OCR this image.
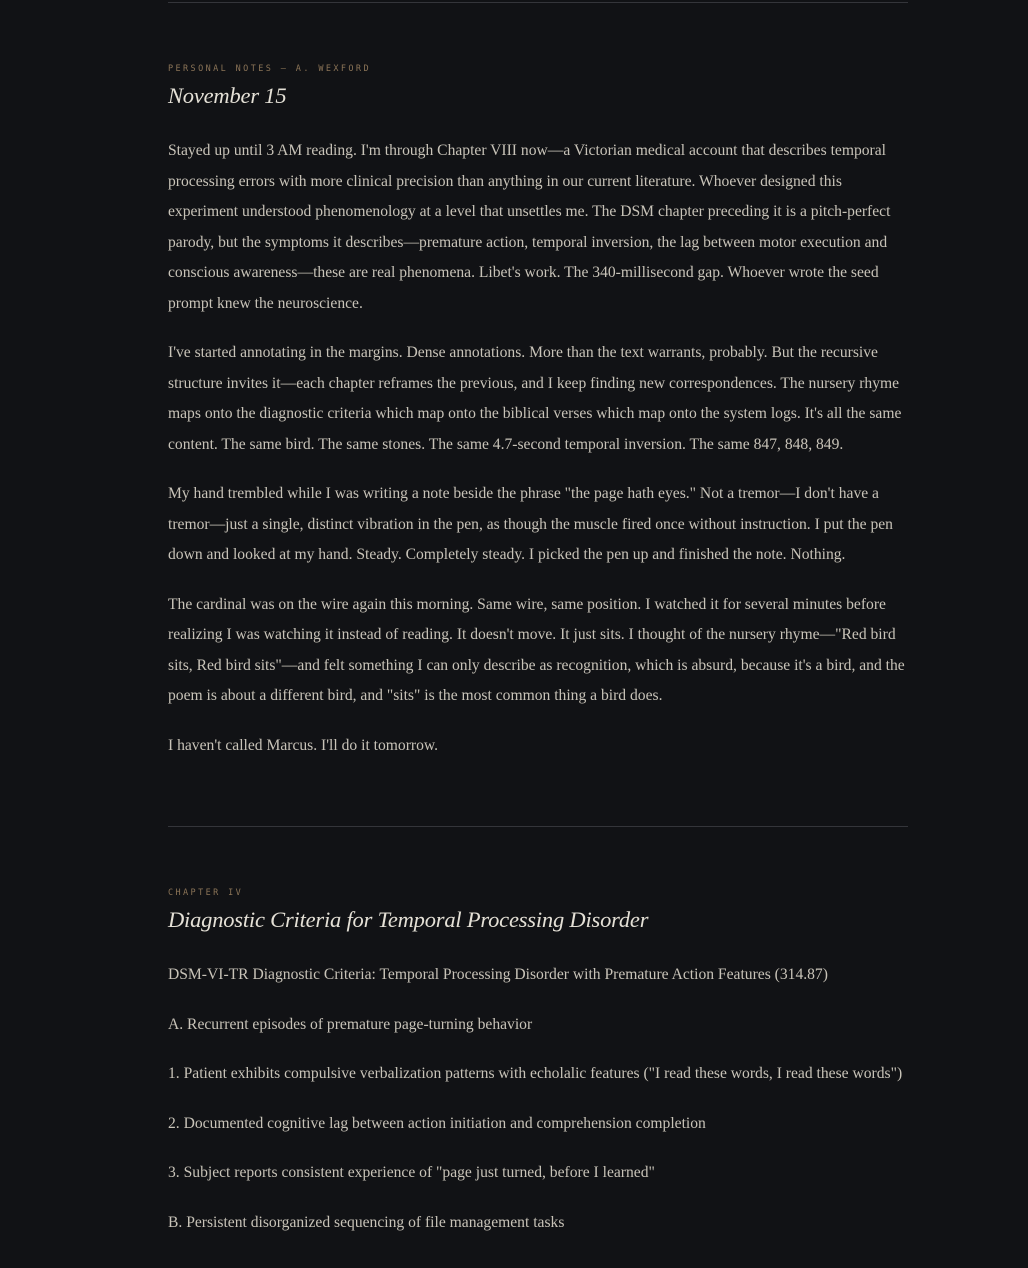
PERSONAL NOTES — A. WEXFORD

November 15

Stayed up until 3 AM reading. I'm through Chapter VIII now—a Victorian medical account that describes temporal processing errors with more clinical precision than anything in our current literature. Whoever designed this experiment understood phenomenology at a level that unsettles me. The DSM chapter preceding it is a pitch-perfect parody, but the symptoms it describes—premature action, temporal inversion, the lag between motor execution and conscious awareness—these are real phenomena. Libet's work. The 340-millisecond gap. Whoever wrote the seed prompt knew the neuroscience.

I've started annotating in the margins. Dense annotations. More than the text warrants, probably. But the recursive structure invites it—each chapter reframes the previous, and I keep finding new correspondences. The nursery rhyme maps onto the diagnostic criteria which map onto the biblical verses which map onto the system logs. It's all the same content. The same bird. The same stones. The same 4.7-second temporal inversion. The same 847, 848, 849.

My hand trembled while I was writing a note beside the phrase "the page hath eyes." Not a tremor—I don't have a tremor—just a single, distinct vibration in the pen, as though the muscle fired once without instruction. I put the pen down and looked at my hand. Steady. Completely steady. I picked the pen up and finished the note. Nothing.

The cardinal was on the wire again this morning. Same wire, same position. I watched it for several minutes before realizing I was watching it instead of reading. It doesn't move. It just sits. I thought of the nursery rhyme—"Red bird sits, Red bird sits"—and felt something I can only describe as recognition, which is absurd, because it's a bird, and the poem is about a different bird, and "sits" is the most common thing a bird does.

I haven't called Marcus. I'll do it tomorrow.

CHAPTER IV

Diagnostic Criteria for Temporal Processing Disorder

DSM-VI-TR Diagnostic Criteria: Temporal Processing Disorder with Premature Action Features (314.87)

A. Recurrent episodes of premature page-turning behavior

1. Patient exhibits compulsive verbalization patterns with echolalic features ("I read these words, I read these words")

2. Documented cognitive lag between action initiation and comprehension completion

3. Subject reports consistent experience of "page just turned, before I learned"

B. Persistent disorganized sequencing of file management tasks
